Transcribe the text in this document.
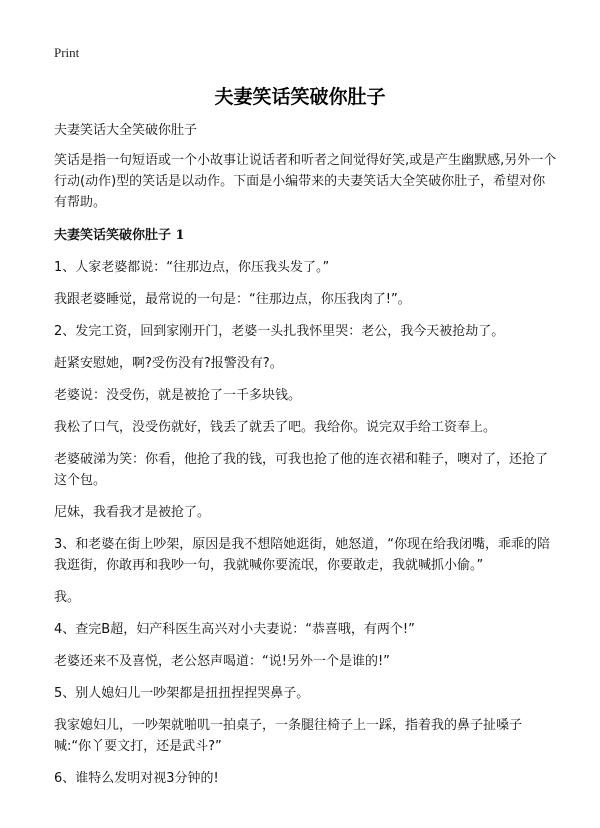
Print
夫妻笑话笑破你肚子

夫妻笑话大全笑破你肚子

笑话是指一句短语或一个小故事让说话者和听者之间觉得好笑,或是产生幽默感,另外一个行动(动作)型的笑话是以动作。下面是小编带来的夫妻笑话大全笑破你肚子，希望对你有帮助。

夫妻笑话笑破你肚子 1

1、人家老婆都说：“往那边点，你压我头发了。”

我跟老婆睡觉，最常说的一句是：“往那边点，你压我肉了!”。

2、发完工资，回到家刚开门，老婆一头扎我怀里哭：老公，我今天被抢劫了。

赶紧安慰她，啊?受伤没有?报警没有?。

老婆说：没受伤，就是被抢了一千多块钱。

我松了口气，没受伤就好，钱丢了就丢了吧。我给你。说完双手给工资奉上。

老婆破涕为笑：你看，他抢了我的钱，可我也抢了他的连衣裙和鞋子，噢对了，还抢了这个包。

尼妹，我看我才是被抢了。

3、和老婆在街上吵架，原因是我不想陪她逛街，她怒道，“你现在给我闭嘴，乖乖的陪我逛街，你敢再和我吵一句，我就喊你要流氓，你要敢走，我就喊抓小偷。”

我。

4、查完B超，妇产科医生高兴对小夫妻说：“恭喜哦，有两个!”

老婆还来不及喜悦，老公怒声喝道：“说!另外一个是谁的!”

5、别人媳妇儿一吵架都是扭扭捏捏哭鼻子。

我家媳妇儿，一吵架就啪叽一拍桌子，一条腿往椅子上一踩，指着我的鼻子扯嗓子喊:“你丫要文打，还是武斗?”

6、谁特么发明对视3分钟的!
